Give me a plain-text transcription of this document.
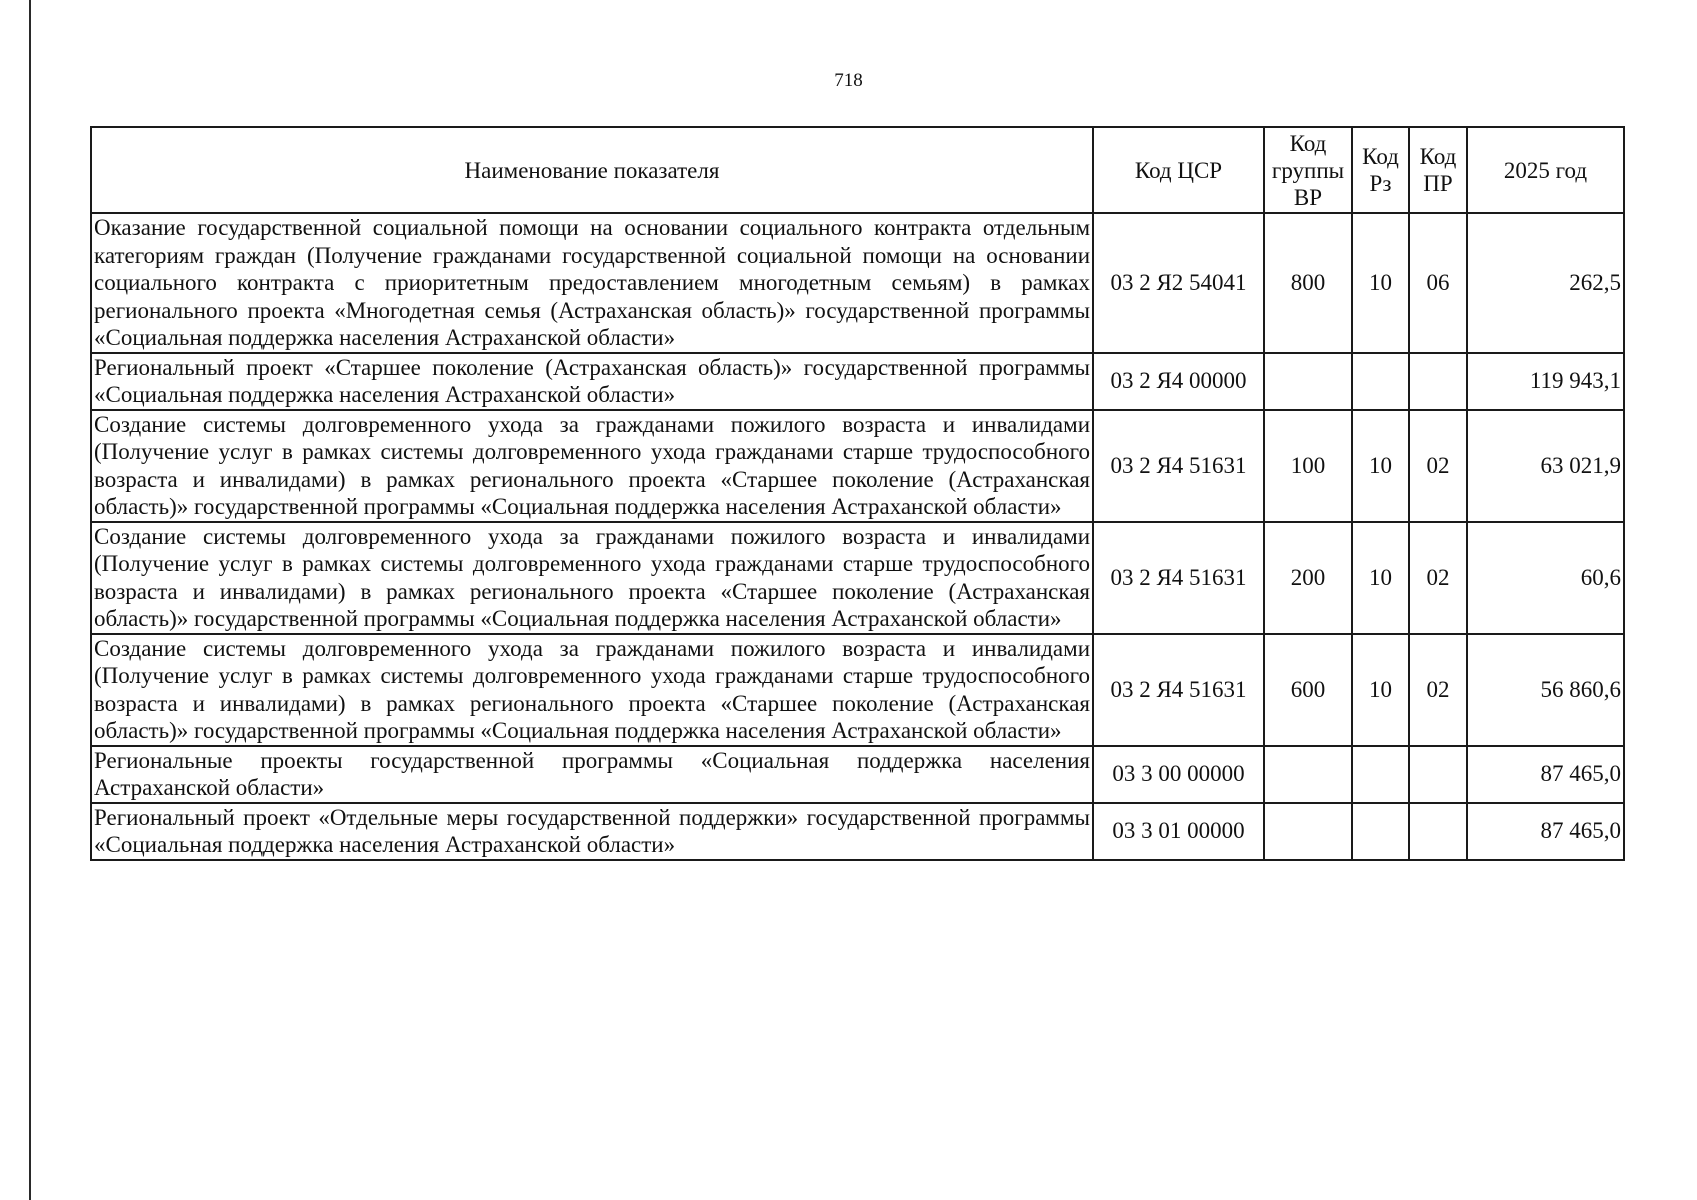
718
Наименование показателя	Код ЦСР	Код группы ВР	Код Рз	Код ПР	2025 год
Оказание государственной социальной помощи на основании социального контракта отдельным категориям граждан (Получение гражданами государственной социальной помощи на основании социального контракта с приоритетным предоставлением многодетным семьям) в рамках регионального проекта «Многодетная семья (Астраханская область)» государственной программы «Социальная поддержка населения Астраханской области»	03 2 Я2 54041	800	10	06	262,5
Региональный проект «Старшее поколение (Астраханская область)» государственной программы «Социальная поддержка населения Астраханской области»	03 2 Я4 00000				119 943,1
Создание системы долговременного ухода за гражданами пожилого возраста и инвалидами (Получение услуг в рамках системы долговременного ухода гражданами старше трудоспособного возраста и инвалидами) в рамках регионального проекта «Старшее поколение (Астраханская область)» государственной программы «Социальная поддержка населения Астраханской области»	03 2 Я4 51631	100	10	02	63 021,9
Создание системы долговременного ухода за гражданами пожилого возраста и инвалидами (Получение услуг в рамках системы долговременного ухода гражданами старше трудоспособного возраста и инвалидами) в рамках регионального проекта «Старшее поколение (Астраханская область)» государственной программы «Социальная поддержка населения Астраханской области»	03 2 Я4 51631	200	10	02	60,6
Создание системы долговременного ухода за гражданами пожилого возраста и инвалидами (Получение услуг в рамках системы долговременного ухода гражданами старше трудоспособного возраста и инвалидами) в рамках регионального проекта «Старшее поколение (Астраханская область)» государственной программы «Социальная поддержка населения Астраханской области»	03 2 Я4 51631	600	10	02	56 860,6
Региональные проекты государственной программы «Социальная поддержка населения Астраханской области»	03 3 00 00000				87 465,0
Региональный проект «Отдельные меры государственной поддержки» государственной программы «Социальная поддержка населения Астраханской области»	03 3 01 00000				87 465,0
